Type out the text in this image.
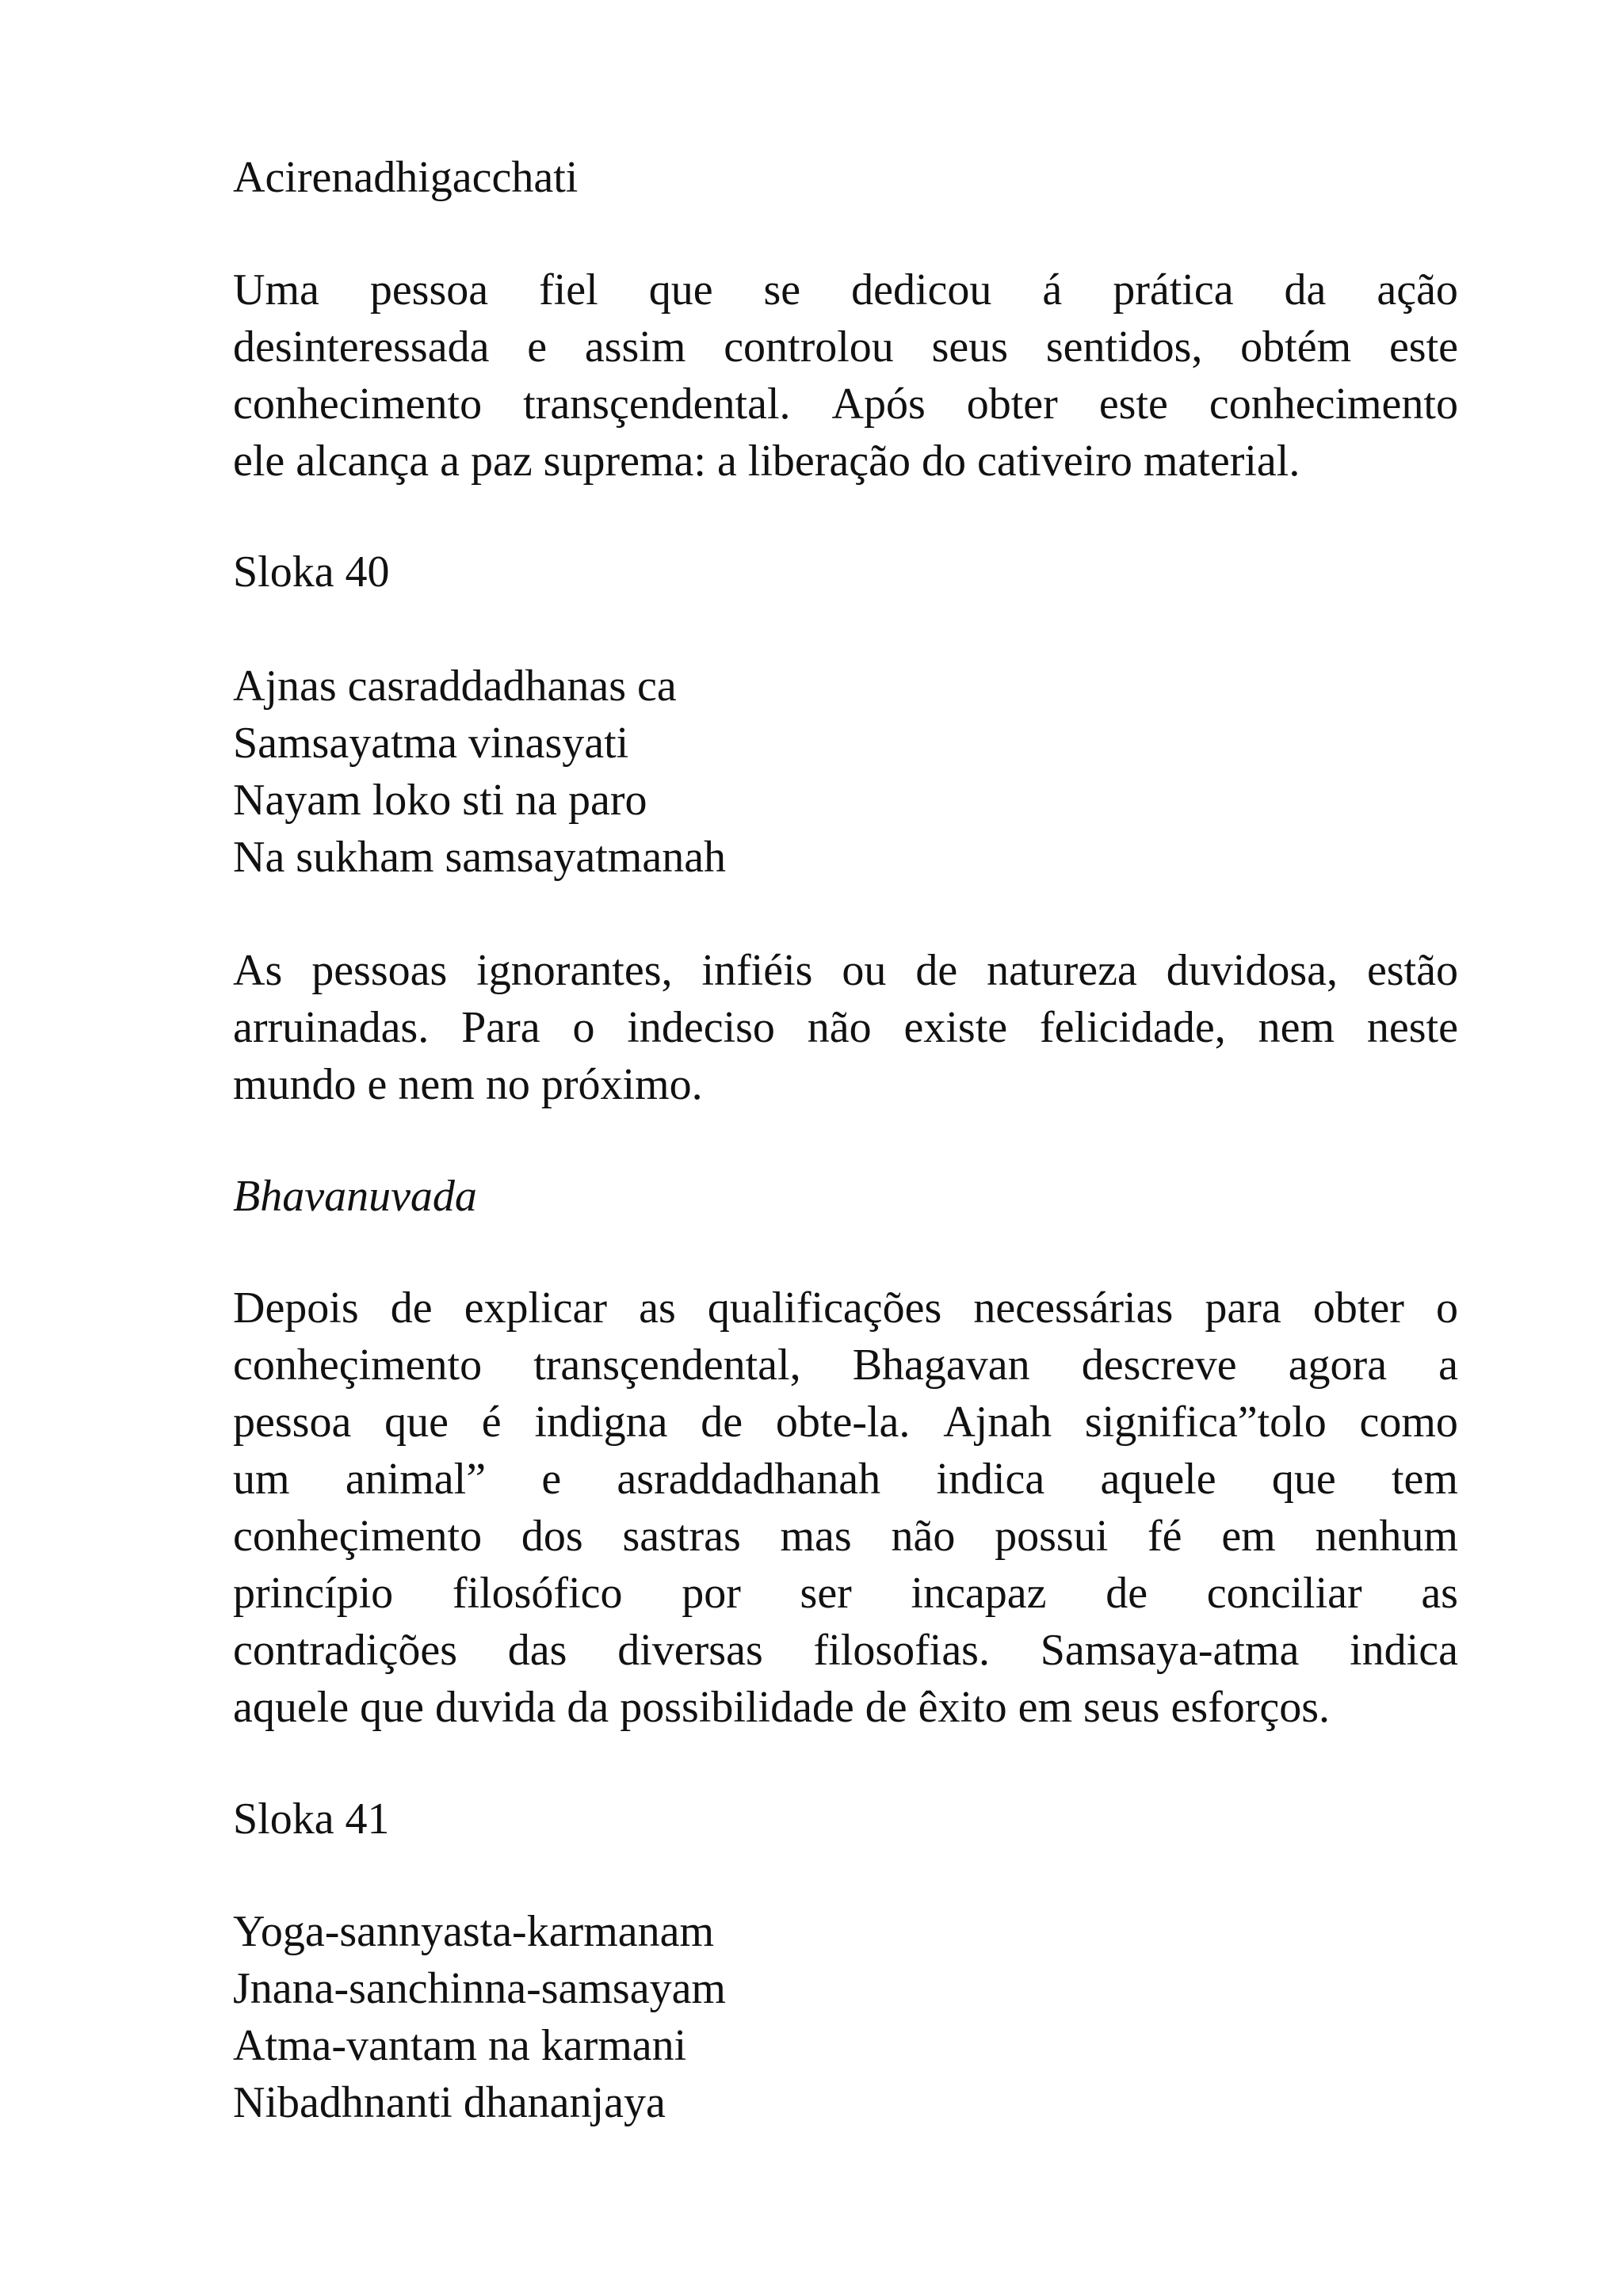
Acirenadhigacchati

Uma pessoa fiel que se dedicou á prática da ação
desinteressada e assim controlou seus sentidos, obtém este
conhecimento transçendental. Após obter este conhecimento
ele alcança a paz suprema: a liberação do cativeiro material.

Sloka 40

Ajnas casraddadhanas ca
Samsayatma vinasyati
Nayam loko sti na paro
Na sukham samsayatmanah
As pessoas ignorantes, infiéis ou de natureza duvidosa, estão
arruinadas. Para o indeciso não existe felicidade, nem neste
mundo e nem no próximo.

Bhavanuvada

Depois de explicar as qualificações necessárias para obter o
conheçimento transçendental, Bhagavan descreve agora a
pessoa que é indigna de obte-la. Ajnah significa”tolo como
um animal” e asraddadhanah indica aquele que tem
conheçimento dos sastras mas não possui fé em nenhum
princípio filosófico por ser incapaz de conciliar as
contradições das diversas filosofias. Samsaya-atma indica
aquele que duvida da possibilidade de êxito em seus esforços.

Sloka 41

Yoga-sannyasta-karmanam
Jnana-sanchinna-samsayam
Atma-vantam na karmani
Nibadhnanti dhananjaya
